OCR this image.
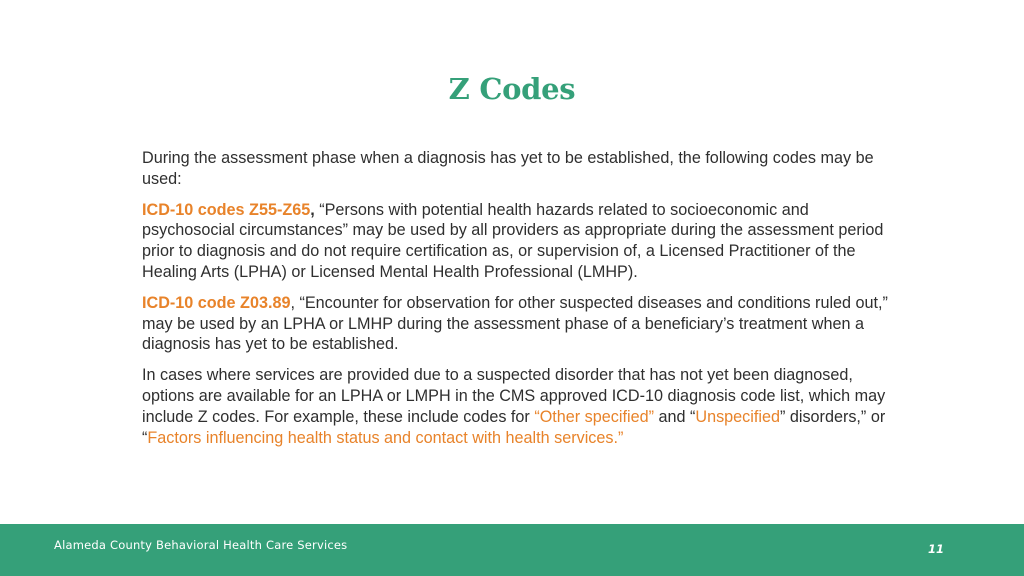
Z Codes

During the assessment phase when a diagnosis has yet to be established, the following codes may be used:

ICD-10 codes Z55-Z65, “Persons with potential health hazards related to socioeconomic and psychosocial circumstances” may be used by all providers as appropriate during the assessment period prior to diagnosis and do not require certification as, or supervision of, a Licensed Practitioner of the Healing Arts (LPHA) or Licensed Mental Health Professional (LMHP).

ICD-10 code Z03.89, “Encounter for observation for other suspected diseases and conditions ruled out,” may be used by an LPHA or LMHP during the assessment phase of a beneficiary’s treatment when a diagnosis has yet to be established.

In cases where services are provided due to a suspected disorder that has not yet been diagnosed, options are available for an LPHA or LMPH in the CMS approved ICD-10 diagnosis code list, which may include Z codes. For example, these include codes for “Other specified” and “Unspecified” disorders,” or “Factors influencing health status and contact with health services.”

Alameda County Behavioral Health Care Services	11
